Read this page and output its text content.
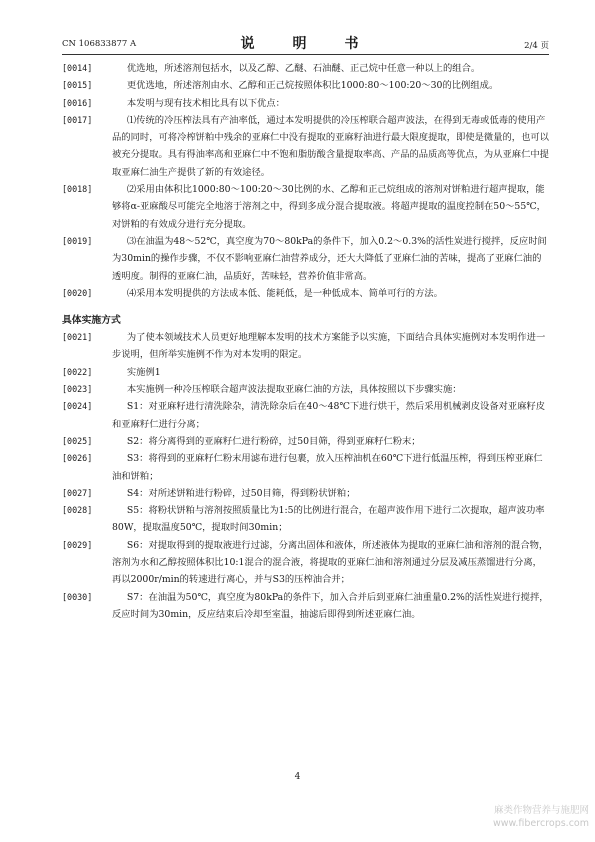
CN 106833877 A	说　明　书	2/4 页

[0014]	优选地，所述溶剂包括水，以及乙醇、乙醚、石油醚、正己烷中任意一种以上的组合。

[0015]	更优选地，所述溶剂由水、乙醇和正己烷按照体积比1000:80～100:20～30的比例组成。

[0016]	本发明与现有技术相比具有以下优点：

[0017]	⑴传统的冷压榨法具有产油率低，通过本发明提供的冷压榨联合超声波法，在得到无毒或低毒的使用产品的同时，可将冷榨饼粕中残余的亚麻仁中没有提取的亚麻籽油进行最大限度提取，即使是微量的，也可以被充分提取。具有得油率高和亚麻仁中不饱和脂肪酸含量提取率高、产品的品质高等优点，为从亚麻仁中提取亚麻仁油生产提供了新的有效途径。

[0018]	⑵采用由体积比1000:80～100:20～30比例的水、乙醇和正己烷组成的溶剂对饼粕进行超声提取，能够将α-亚麻酸尽可能完全地溶于溶剂之中，得到多成分混合提取液。将超声提取的温度控制在50～55℃，对饼粕的有效成分进行充分提取。

[0019]	⑶在油温为48～52℃，真空度为70～80kPa的条件下，加入0.2～0.3%的活性炭进行搅拌，反应时间为30min的操作步骤，不仅不影响亚麻仁油营养成分，还大大降低了亚麻仁油的苦味，提高了亚麻仁油的透明度。制得的亚麻仁油，品质好，苦味轻，营养价值非常高。

[0020]	⑷采用本发明提供的方法成本低、能耗低，是一种低成本、简单可行的方法。

具体实施方式

[0021]	为了使本领域技术人员更好地理解本发明的技术方案能予以实施，下面结合具体实施例对本发明作进一步说明，但所举实施例不作为对本发明的限定。

[0022]	实施例1

[0023]	本实施例一种冷压榨联合超声波法提取亚麻仁油的方法，具体按照以下步骤实施：

[0024]	S1：对亚麻籽进行清洗除杂，清洗除杂后在40～48℃下进行烘干，然后采用机械剥皮设备对亚麻籽皮和亚麻籽仁进行分离；

[0025]	S2：将分离得到的亚麻籽仁进行粉碎，过50目筛，得到亚麻籽仁粉末；

[0026]	S3：将得到的亚麻籽仁粉末用滤布进行包裹，放入压榨油机在60℃下进行低温压榨，得到压榨亚麻仁油和饼粕；

[0027]	S4：对所述饼粕进行粉碎，过50目筛，得到粉状饼粕；

[0028]	S5：将粉状饼粕与溶剂按照质量比为1:5的比例进行混合，在超声波作用下进行二次提取，超声波功率80W，提取温度50℃，提取时间30min；

[0029]	S6：对提取得到的提取液进行过滤，分离出固体和液体，所述液体为提取的亚麻仁油和溶剂的混合物，溶剂为水和乙醇按照体积比10:1混合的混合液，将提取的亚麻仁油和溶剂通过分层及减压蒸馏进行分离，再以2000r/min的转速进行离心，并与S3的压榨油合并；

[0030]	S7：在油温为50℃，真空度为80kPa的条件下，加入合并后到亚麻仁油重量0.2%的活性炭进行搅拌，反应时间为30min，反应结束后冷却至室温，抽滤后即得到所述亚麻仁油。

4
麻类作物营养与施肥网
www.fibercrops.com
